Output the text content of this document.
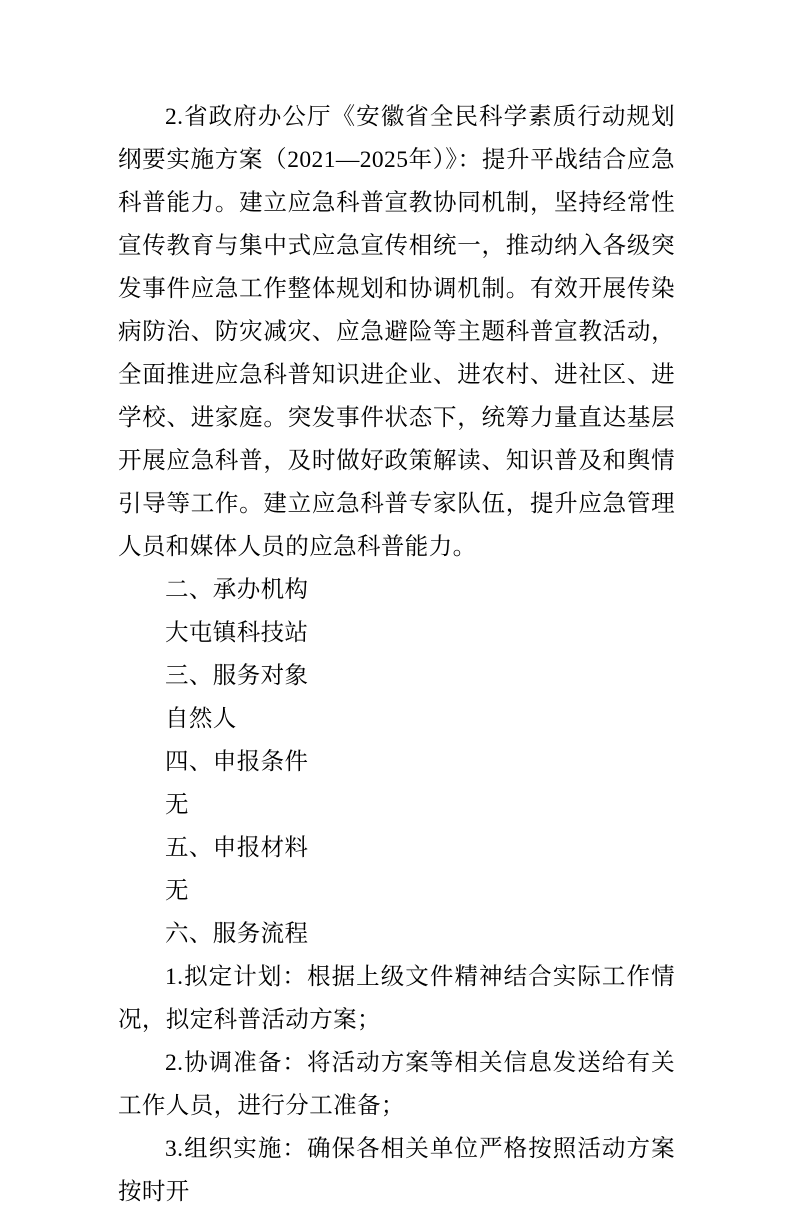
2.省政府办公厅《安徽省全民科学素质行动规划纲要实施方案（2021—2025年）》：提升平战结合应急科普能力。建立应急科普宣教协同机制，坚持经常性宣传教育与集中式应急宣传相统一，推动纳入各级突发事件应急工作整体规划和协调机制。有效开展传染病防治、防灾减灾、应急避险等主题科普宣教活动，全面推进应急科普知识进企业、进农村、进社区、进学校、进家庭。突发事件状态下，统筹力量直达基层开展应急科普，及时做好政策解读、知识普及和舆情引导等工作。建立应急科普专家队伍，提升应急管理人员和媒体人员的应急科普能力。

二、承办机构

大屯镇科技站

三、服务对象

自然人

四、申报条件

无

五、申报材料

无

六、服务流程

1.拟定计划：根据上级文件精神结合实际工作情况，拟定科普活动方案；

2.协调准备：将活动方案等相关信息发送给有关工作人员，进行分工准备；

3.组织实施：确保各相关单位严格按照活动方案按时开
